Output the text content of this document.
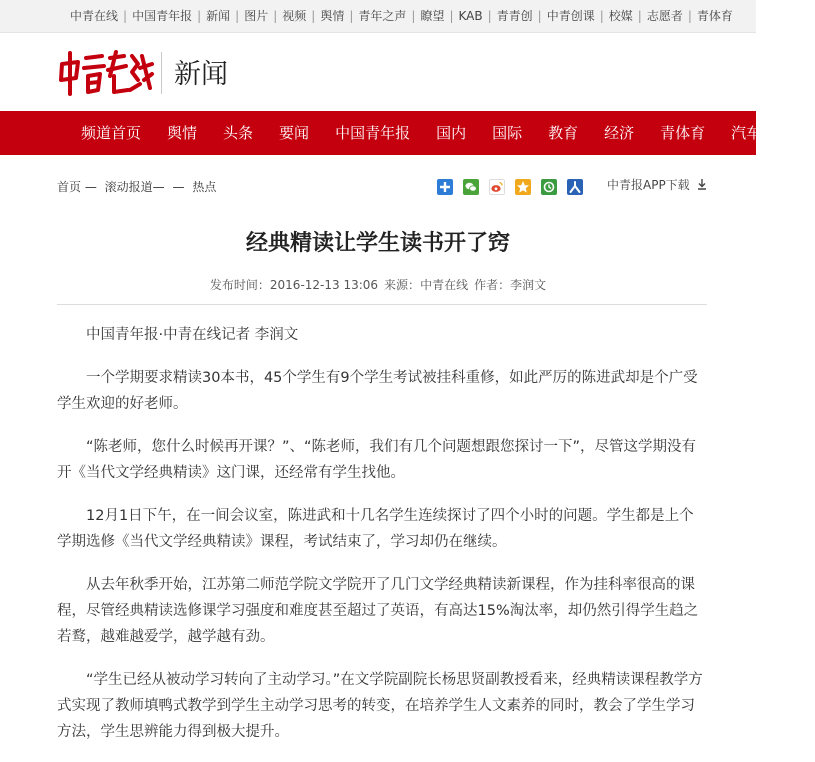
中青在线 | 中国青年报 | 新闻 | 图片 | 视频 | 舆情 | 青年之声 | 瞭望 | KAB | 青青创 | 中青创课 | 校媒 | 志愿者 | 青体育
新闻
频道首页 舆情 头条 要闻 中国青年报 国内 国际 教育 经济 青体育 汽车 专
首页 — 滚动报道— — 热点

	中青报APP下载
经典精读让学生读书开了窍
发布时间：2016-12-13 13:06 来源：中青在线 作者：李润文

中国青年报·中青在线记者 李润文

一个学期要求精读30本书，45个学生有9个学生考试被挂科重修，如此严厉的陈进武却是个广受学生欢迎的好老师。

“陈老师，您什么时候再开课？”、“陈老师，我们有几个问题想跟您探讨一下”，尽管这学期没有开《当代文学经典精读》这门课，还经常有学生找他。

12月1日下午，在一间会议室，陈进武和十几名学生连续探讨了四个小时的问题。学生都是上个学期选修《当代文学经典精读》课程，考试结束了，学习却仍在继续。

从去年秋季开始，江苏第二师范学院文学院开了几门文学经典精读新课程，作为挂科率很高的课程，尽管经典精读选修课学习强度和难度甚至超过了英语，有高达15%淘汰率，却仍然引得学生趋之若鹜，越难越爱学，越学越有劲。

“学生已经从被动学习转向了主动学习。”在文学院副院长杨思贤副教授看来，经典精读课程教学方式实现了教师填鸭式教学到学生主动学习思考的转变，在培养学生人文素养的同时，教会了学生学习方法，学生思辨能力得到极大提升。
